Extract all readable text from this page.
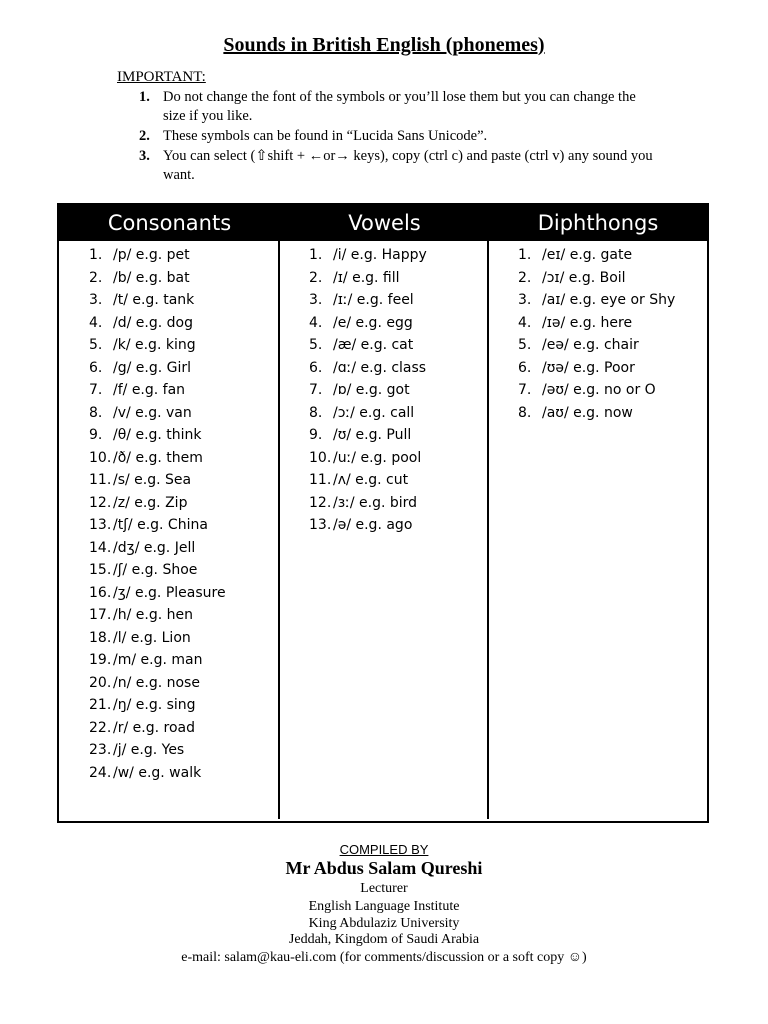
Sounds in British English (phonemes)
IMPORTANT:
1. Do not change the font of the symbols or you’ll lose them but you can change the size if you like.
2. These symbols can be found in “Lucida Sans Unicode”.
3. You can select (⇧shift + ←or→ keys), copy (ctrl c) and paste (ctrl v) any sound you want.
Consonants	Vowels	Diphthongs
1. /p/ e.g. pet
2. /b/ e.g. bat
3. /t/ e.g. tank
4. /d/ e.g. dog
5. /k/ e.g. king
6. /g/ e.g. Girl
7. /f/ e.g. fan
8. /v/ e.g. van
9. /θ/ e.g. think
10. /ð/ e.g. them
11. /s/ e.g. Sea
12. /z/ e.g. Zip
13. /tʃ/ e.g. China
14. /dʒ/ e.g. Jell
15. /ʃ/ e.g. Shoe
16. /ʒ/ e.g. Pleasure
17. /h/ e.g. hen
18. /l/ e.g. Lion
19. /m/ e.g. man
20. /n/ e.g. nose
21. /ŋ/ e.g. sing
22. /r/ e.g. road
23. /j/ e.g. Yes
24. /w/ e.g. walk
1. /i/ e.g. Happy
2. /ɪ/ e.g. fill
3. /ɪː/ e.g. feel
4. /e/ e.g. egg
5. /æ/ e.g. cat
6. /ɑː/ e.g. class
7. /ɒ/ e.g. got
8. /ɔː/ e.g. call
9. /ʊ/ e.g. Pull
10. /uː/ e.g. pool
11. /ʌ/ e.g. cut
12. /ɜː/ e.g. bird
13. /ə/ e.g. ago
1. /eɪ/ e.g. gate
2. /ɔɪ/ e.g. Boil
3. /aɪ/ e.g. eye or Shy
4. /ɪə/ e.g. here
5. /eə/ e.g. chair
6. /ʊə/ e.g. Poor
7. /əʊ/ e.g. no or O
8. /aʊ/ e.g. now
COMPILED BY
Mr Abdus Salam Qureshi
Lecturer
English Language Institute
King Abdulaziz University
Jeddah, Kingdom of Saudi Arabia
e-mail: salam@kau-eli.com (for comments/discussion or a soft copy ☺)
